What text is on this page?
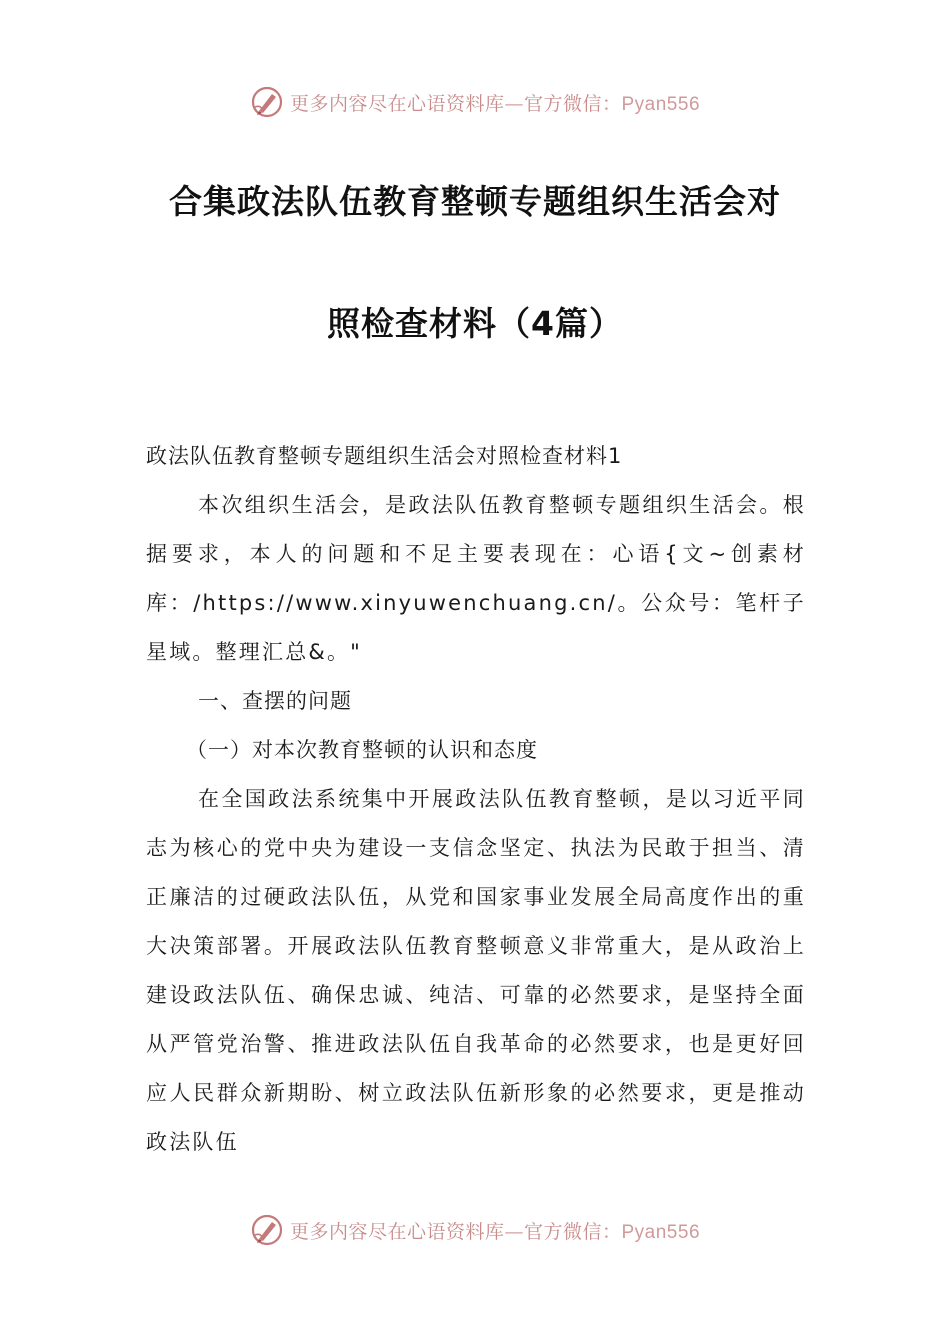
更多内容尽在心语资料库—官方微信：Pyan556
合集政法队伍教育整顿专题组织生活会对
照检查材料（4篇）

政法队伍教育整顿专题组织生活会对照检查材料1

本次组织生活会，是政法队伍教育整顿专题组织生活会。根据要求，本人的问题和不足主要表现在：心语{文~创素材库：/https://www.xinyuwenchuang.cn/。公众号：笔杆子星域。整理汇总&。"

一、查摆的问题

（一）对本次教育整顿的认识和态度

在全国政法系统集中开展政法队伍教育整顿，是以习近平同志为核心的党中央为建设一支信念坚定、执法为民敢于担当、清正廉洁的过硬政法队伍，从党和国家事业发展全局高度作出的重大决策部署。开展政法队伍教育整顿意义非常重大，是从政治上建设政法队伍、确保忠诚、纯洁、可靠的必然要求，是坚持全面从严管党治警、推进政法队伍自我革命的必然要求，也是更好回应人民群众新期盼、树立政法队伍新形象的必然要求，更是推动政法队伍

更多内容尽在心语资料库—官方微信：Pyan556
